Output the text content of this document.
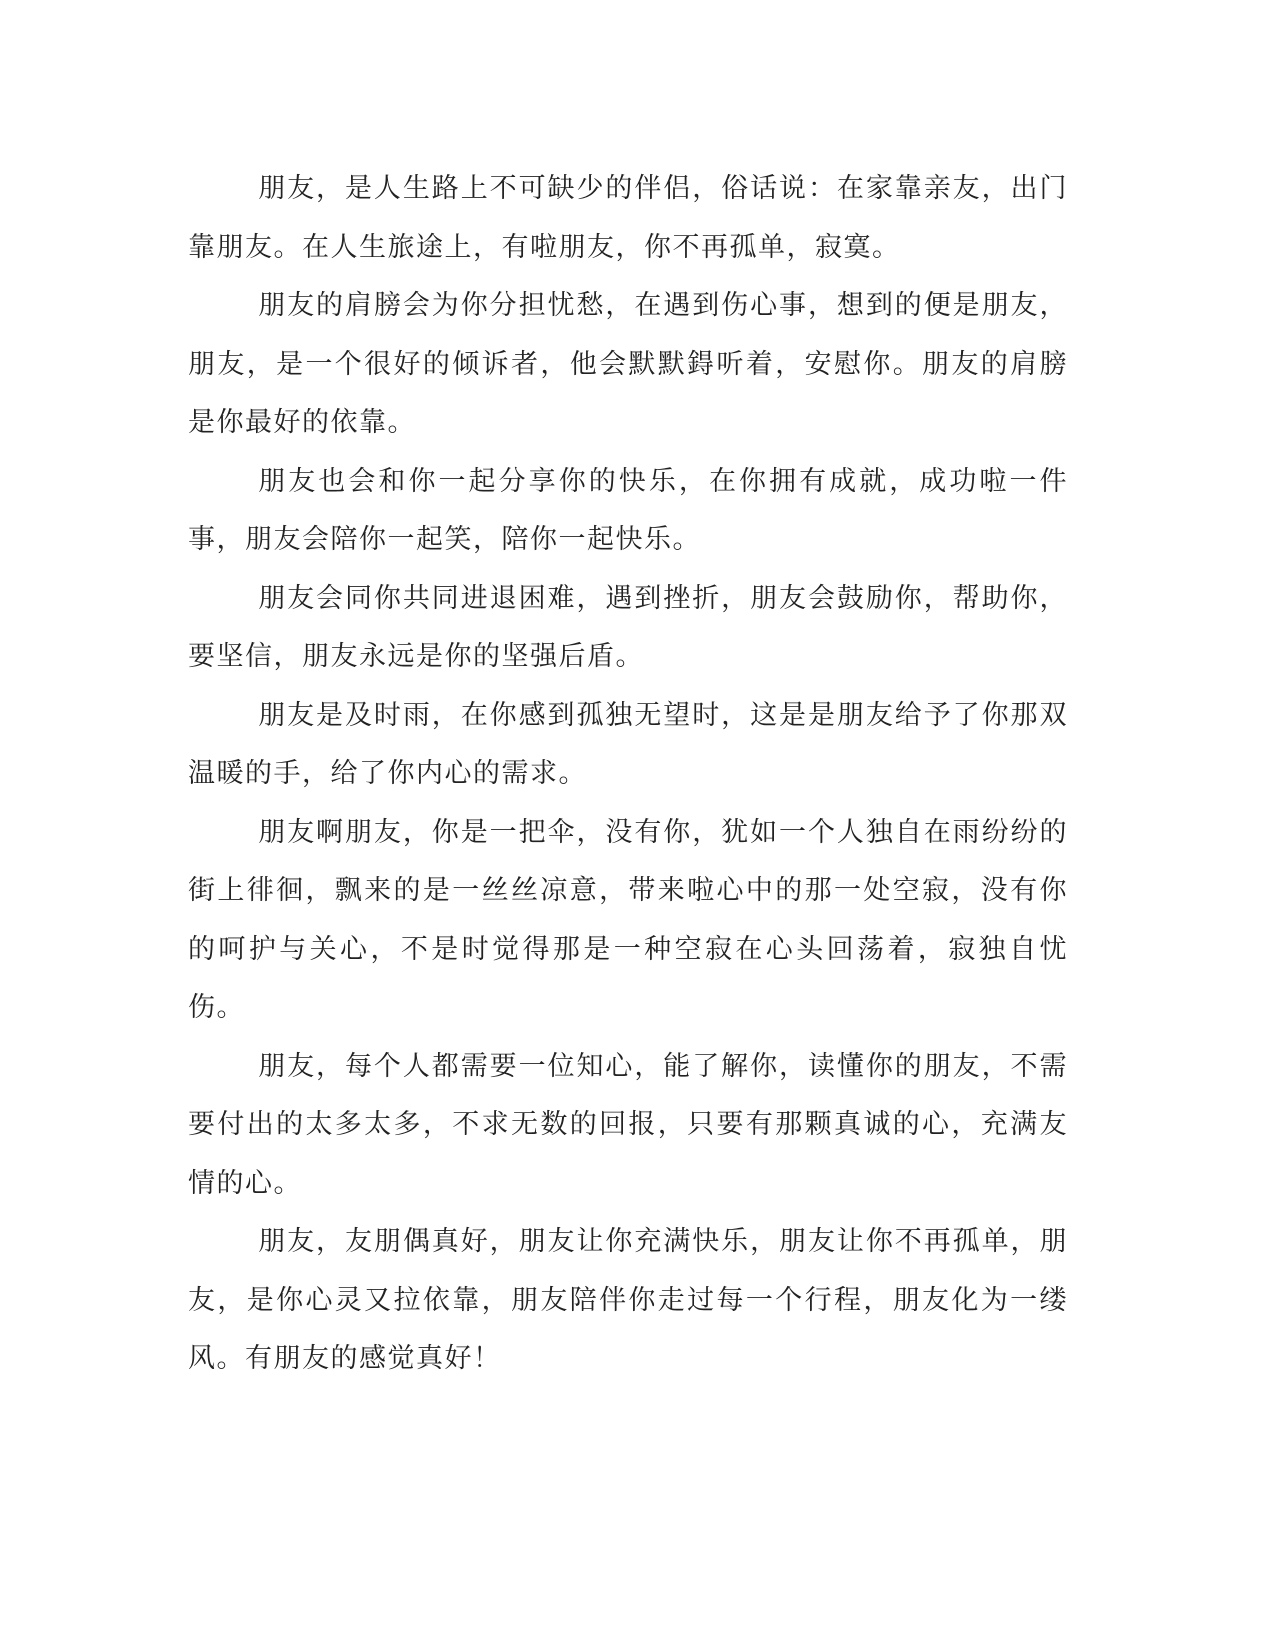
朋友，是人生路上不可缺少的伴侣，俗话说：在家靠亲友，出门靠朋友。在人生旅途上，有啦朋友，你不再孤单，寂寞。

朋友的肩膀会为你分担忧愁，在遇到伤心事，想到的便是朋友，朋友，是一个很好的倾诉者，他会默默鍀听着，安慰你。朋友的肩膀是你最好的依靠。

朋友也会和你一起分享你的快乐，在你拥有成就，成功啦一件事，朋友会陪你一起笑，陪你一起快乐。

朋友会同你共同进退困难，遇到挫折，朋友会鼓励你，帮助你，要坚信，朋友永远是你的坚强后盾。

朋友是及时雨，在你感到孤独无望时，这是是朋友给予了你那双温暖的手，给了你内心的需求。

朋友啊朋友，你是一把伞，没有你，犹如一个人独自在雨纷纷的街上徘徊，飘来的是一丝丝凉意，带来啦心中的那一处空寂，没有你的呵护与关心，不是时觉得那是一种空寂在心头回荡着，寂独自忧伤。

朋友，每个人都需要一位知心，能了解你，读懂你的朋友，不需要付出的太多太多，不求无数的回报，只要有那颗真诚的心，充满友情的心。

朋友，友朋偶真好，朋友让你充满快乐，朋友让你不再孤单，朋友，是你心灵又拉依靠，朋友陪伴你走过每一个行程，朋友化为一缕风。有朋友的感觉真好！
